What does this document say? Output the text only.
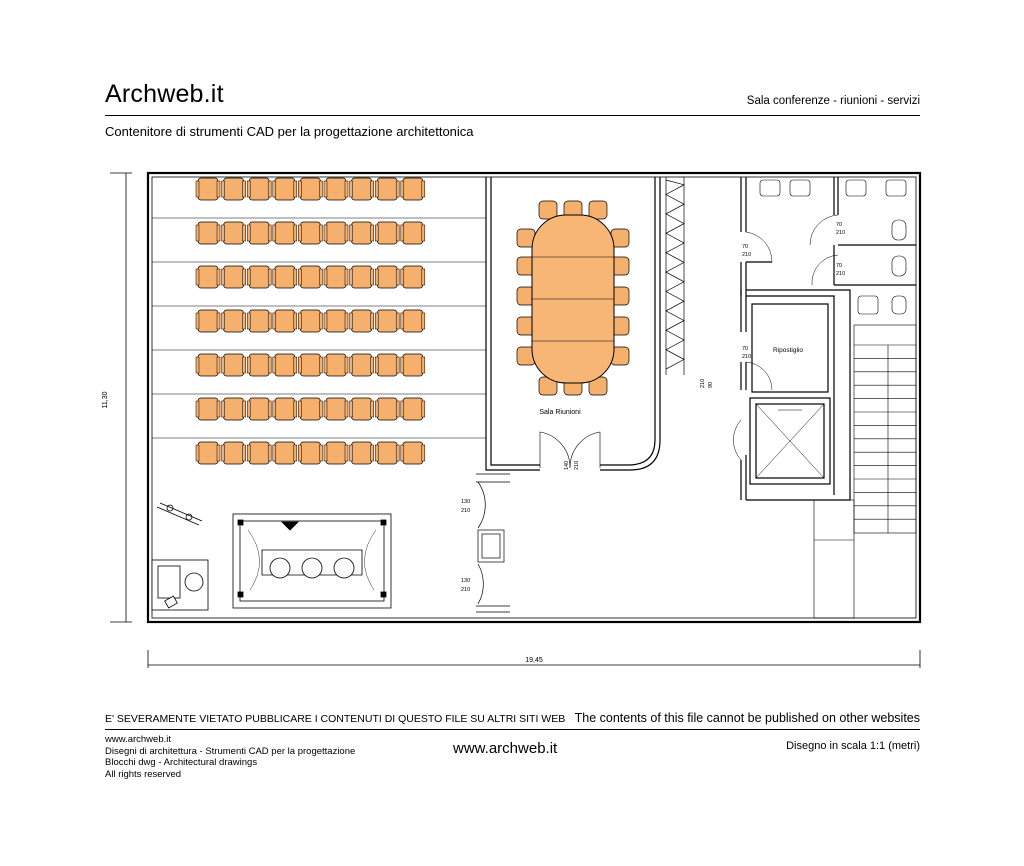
Archweb.it	Sala conferenze - riunioni - servizi
Contenitore di strumenti CAD per la progettazione architettonica
11,30
19,45
Sala Riunioni
140 210
Ripostiglio
70
210
70
210
70
210
70
210
210 90
130
210
130
210
E' SEVERAMENTE VIETATO PUBBLICARE I CONTENUTI DI QUESTO FILE SU ALTRI SITI WEB The contents of this file cannot be published on other websites
www.archweb.it
Disegni di architettura - Strumenti CAD per la progettazione
Blocchi dwg - Architectural drawings
All rights reserved
www.archweb.it	Disegno in scala 1:1 (metri)
